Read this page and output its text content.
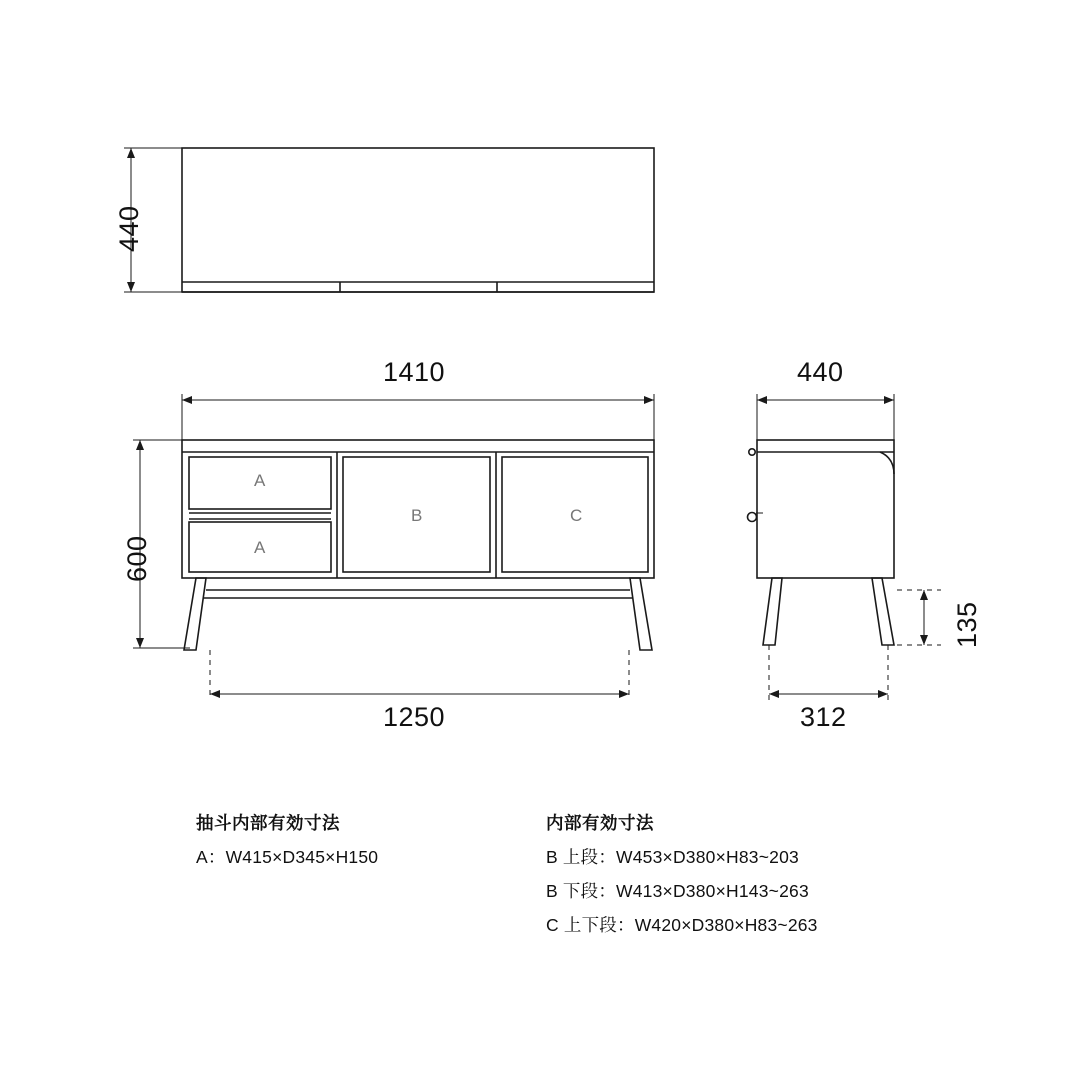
440
1410
600
1250
440
135
312
A
A
B	C
抽斗内部有効寸法
A：W415×D345×H150
内部有効寸法
B 上段：W453×D380×H83~203
B 下段：W413×D380×H143~263
C 上下段：W420×D380×H83~263
